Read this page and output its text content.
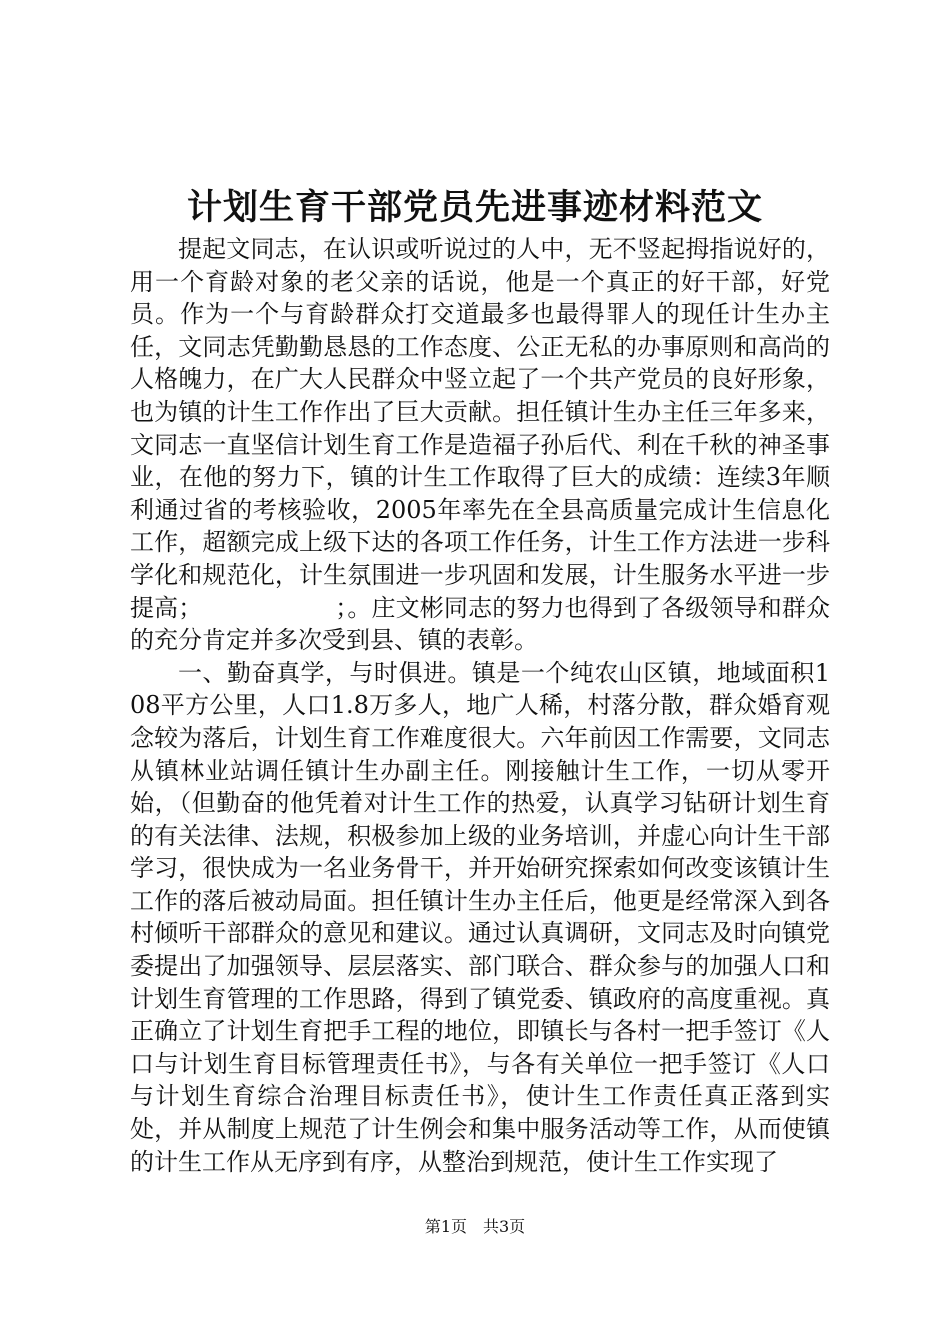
计划生育干部党员先进事迹材料范文

提起文同志，在认识或听说过的人中，无不竖起拇指说好的，用一个育龄对象的老父亲的话说，他是一个真正的好干部，好党员。作为一个与育龄群众打交道最多也最得罪人的现任计生办主任，文同志凭勤勤恳恳的工作态度、公正无私的办事原则和高尚的人格魄力，在广大人民群众中竖立起了一个共产党员的良好形象，也为镇的计生工作作出了巨大贡献。担任镇计生办主任三年多来，文同志一直坚信计划生育工作是造福子孙后代、利在千秋的神圣事业，在他的努力下，镇的计生工作取得了巨大的成绩：连续3年顺利通过省的考核验收，2005年率先在全县高质量完成计生信息化工作，超额完成上级下达的各项工作任务，计生工作方法进一步科学化和规范化，计生氛围进一步巩固和发展，计生服务水平进一步提高；　　　　　　；。庄文彬同志的努力也得到了各级领导和群众的充分肯定并多次受到县、镇的表彰。

一、勤奋真学，与时俱进。镇是一个纯农山区镇，地域面积108平方公里，人口1.8万多人，地广人稀，村落分散，群众婚育观念较为落后，计划生育工作难度很大。六年前因工作需要，文同志从镇林业站调任镇计生办副主任。刚接触计生工作，一切从零开始，（但勤奋的他凭着对计生工作的热爱，认真学习钻研计划生育的有关法律、法规，积极参加上级的业务培训，并虚心向计生干部学习，很快成为一名业务骨干，并开始研究探索如何改变该镇计生工作的落后被动局面。担任镇计生办主任后，他更是经常深入到各村倾听干部群众的意见和建议。通过认真调研，文同志及时向镇党委提出了加强领导、层层落实、部门联合、群众参与的加强人口和计划生育管理的工作思路，得到了镇党委、镇政府的高度重视。真正确立了计划生育把手工程的地位，即镇长与各村一把手签订《人口与计划生育目标管理责任书》，与各有关单位一把手签订《人口与计划生育综合治理目标责任书》，使计生工作责任真正落到实处，并从制度上规范了计生例会和集中服务活动等工作，从而使镇的计生工作从无序到有序，从整治到规范，使计生工作实现了

第1页　共3页
